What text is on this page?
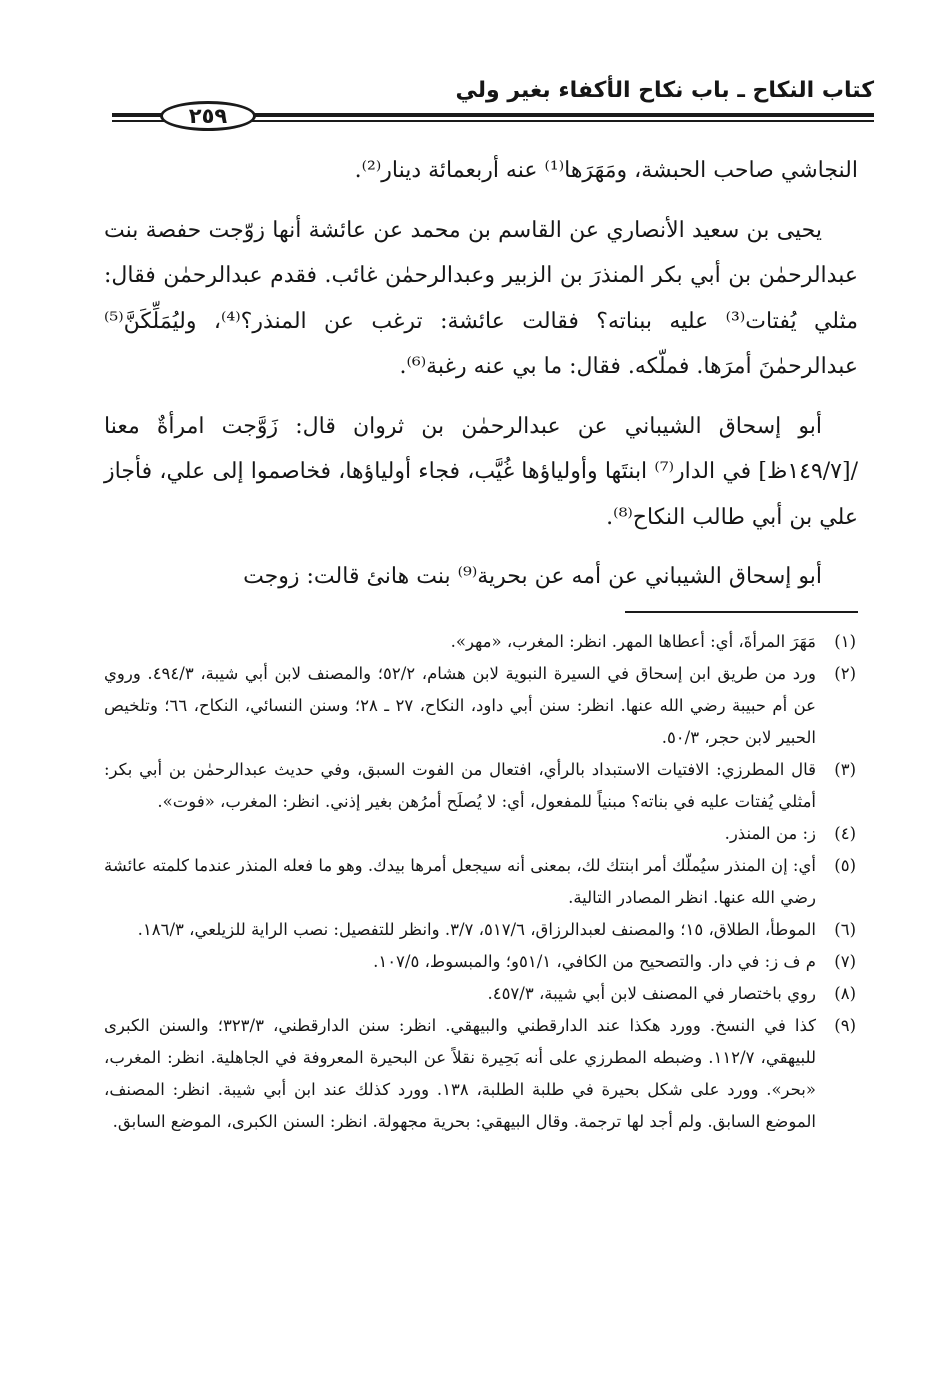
كتاب النكاح ـ باب نكاح الأكفاء بغير ولي
٢٥٩

النجاشي صاحب الحبشة، ومَهَرَها⁽¹⁾ عنه أربعمائة دينار⁽²⁾.

يحيى بن سعيد الأنصاري عن القاسم بن محمد عن عائشة أنها زوّجت حفصة بنت عبدالرحمٰن بن أبي بكر المنذرَ بن الزبير وعبدالرحمٰن غائب. فقدم عبدالرحمٰن فقال: مثلي يُفتات⁽³⁾ عليه ببناته؟ فقالت عائشة: ترغب عن المنذر؟⁽⁴⁾، وليُمَلِّكَنَّ⁽⁵⁾ عبدالرحمٰنَ أمرَها. فملّكه. فقال: ما بي عنه رغبة⁽⁶⁾.

أبو إسحاق الشيباني عن عبدالرحمٰن بن ثروان قال: زَوَّجت امرأةٌ معنا /[١٤٩/٧ظ] في الدار⁽⁷⁾ ابنتَها وأولياؤها غُيَّب، فجاء أولياؤها، فخاصموا إلى علي، فأجاز علي بن أبي طالب النكاح⁽⁸⁾.

أبو إسحاق الشيباني عن أمه عن بحرية⁽⁹⁾ بنت هانئ قالت: زوجت

(١)
مَهَرَ المرأةَ، أي: أعطاها المهر. انظر: المغرب، «مهر».
(٢)
ورد من طريق ابن إسحاق في السيرة النبوية لابن هشام، ٥٢/٢؛ والمصنف لابن أبي شيبة، ٤٩٤/٣. وروي عن أم حبيبة رضي الله عنها. انظر: سنن أبي داود، النكاح، ٢٧ ـ ٢٨؛ وسنن النسائي، النكاح، ٦٦؛ وتلخيص الحبير لابن حجر، ٥٠/٣.
(٣)
قال المطرزي: الافتيات الاستبداد بالرأي، افتعال من الفوت السبق، وفي حديث عبدالرحمٰن بن أبي بكر: أمثلي يُفتات عليه في بناته؟ مبنياً للمفعول، أي: لا يُصلَح أمرُهن بغير إذني. انظر: المغرب، «فوت».
(٤)
ز: من المنذر.
(٥)
أي: إن المنذر سيُملّك أمر ابنتك لك، بمعنى أنه سيجعل أمرها بيدك. وهو ما فعله المنذر عندما كلمته عائشة رضي الله عنها. انظر المصادر التالية.
(٦)
الموطأ، الطلاق، ١٥؛ والمصنف لعبدالرزاق، ٥١٧/٦، ٣/٧. وانظر للتفصيل: نصب الراية للزيلعي، ١٨٦/٣.
(٧)
م ف ز: في دار. والتصحيح من الكافي، ٥١/١و؛ والمبسوط، ١٠٧/٥.
(٨)
روي باختصار في المصنف لابن أبي شيبة، ٤٥٧/٣.
(٩)
كذا في النسخ. وورد هكذا عند الدارقطني والبيهقي. انظر: سنن الدارقطني، ٣٢٣/٣؛ والسنن الكبرى للبيهقي، ١١٢/٧. وضبطه المطرزي على أنه بَحِيرة نقلاً عن البحيرة المعروفة في الجاهلية. انظر: المغرب، «بحر». وورد على شكل بحيرة في طلبة الطلبة، ١٣٨. وورد كذلك عند ابن أبي شيبة. انظر: المصنف، الموضع السابق. ولم أجد لها ترجمة. وقال البيهقي: بحرية مجهولة. انظر: السنن الكبرى، الموضع السابق.
